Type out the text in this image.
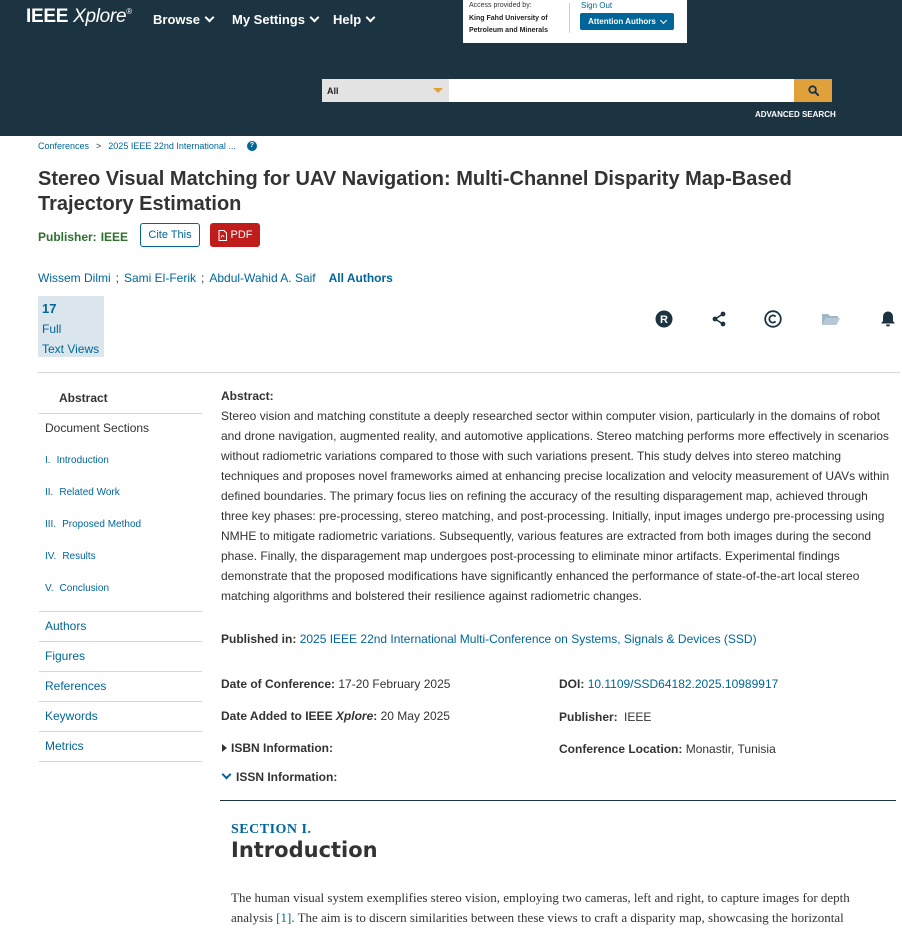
IEEE Xplore®
Browse My Settings Help
Access provided by:
King Fahd University of Petroleum and Minerals
Sign Out
Attention Authors
All
ADVANCED SEARCH
Conferences > 2025 IEEE 22nd International ...	?
Stereo Visual Matching for UAV Navigation: Multi-Channel Disparity Map-Based Trajectory Estimation
Publisher: IEEE Cite This	PDF
Wissem Dilmi ; Sami El-Ferik ; Abdul-Wahid A. Saif All Authors
17
Full
Text Views
R
Abstract
Document Sections
I. Introduction
II. Related Work
III. Proposed Method
IV. Results
V. Conclusion
Authors
Figures
References
Keywords
Metrics
Abstract:

Stereo vision and matching constitute a deeply researched sector within computer vision, particularly in the domains of robot and drone navigation, augmented reality, and automotive applications. Stereo matching performs more effectively in scenarios without radiometric variations compared to those with such variations present. This study delves into stereo matching techniques and proposes novel frameworks aimed at enhancing precise localization and velocity measurement of UAVs within defined boundaries. The primary focus lies on refining the accuracy of the resulting disparagement map, achieved through three key phases: pre-processing, stereo matching, and post-processing. Initially, input images undergo pre-processing using NMHE to mitigate radiometric variations. Subsequently, various features are extracted from both images during the second phase. Finally, the disparagement map undergoes post-processing to eliminate minor artifacts. Experimental findings demonstrate that the proposed modifications have significantly enhanced the performance of state-of-the-art local stereo matching algorithms and bolstered their resilience against radiometric changes.

Published in: 2025 IEEE 22nd International Multi-Conference on Systems, Signals & Devices (SSD)
Date of Conference: 17-20 February 2025
Date Added to IEEE Xplore: 20 May 2025
ISBN Information:
ISSN Information:
DOI: 10.1109/SSD64182.2025.10989917
Publisher: IEEE
Conference Location: Monastir, Tunisia
SECTION I.
Introduction

The human visual system exemplifies stereo vision, employing two cameras, left and right, to capture images for depth analysis [1]. The aim is to discern similarities between these views to craft a disparity map, showcasing the horizontal
